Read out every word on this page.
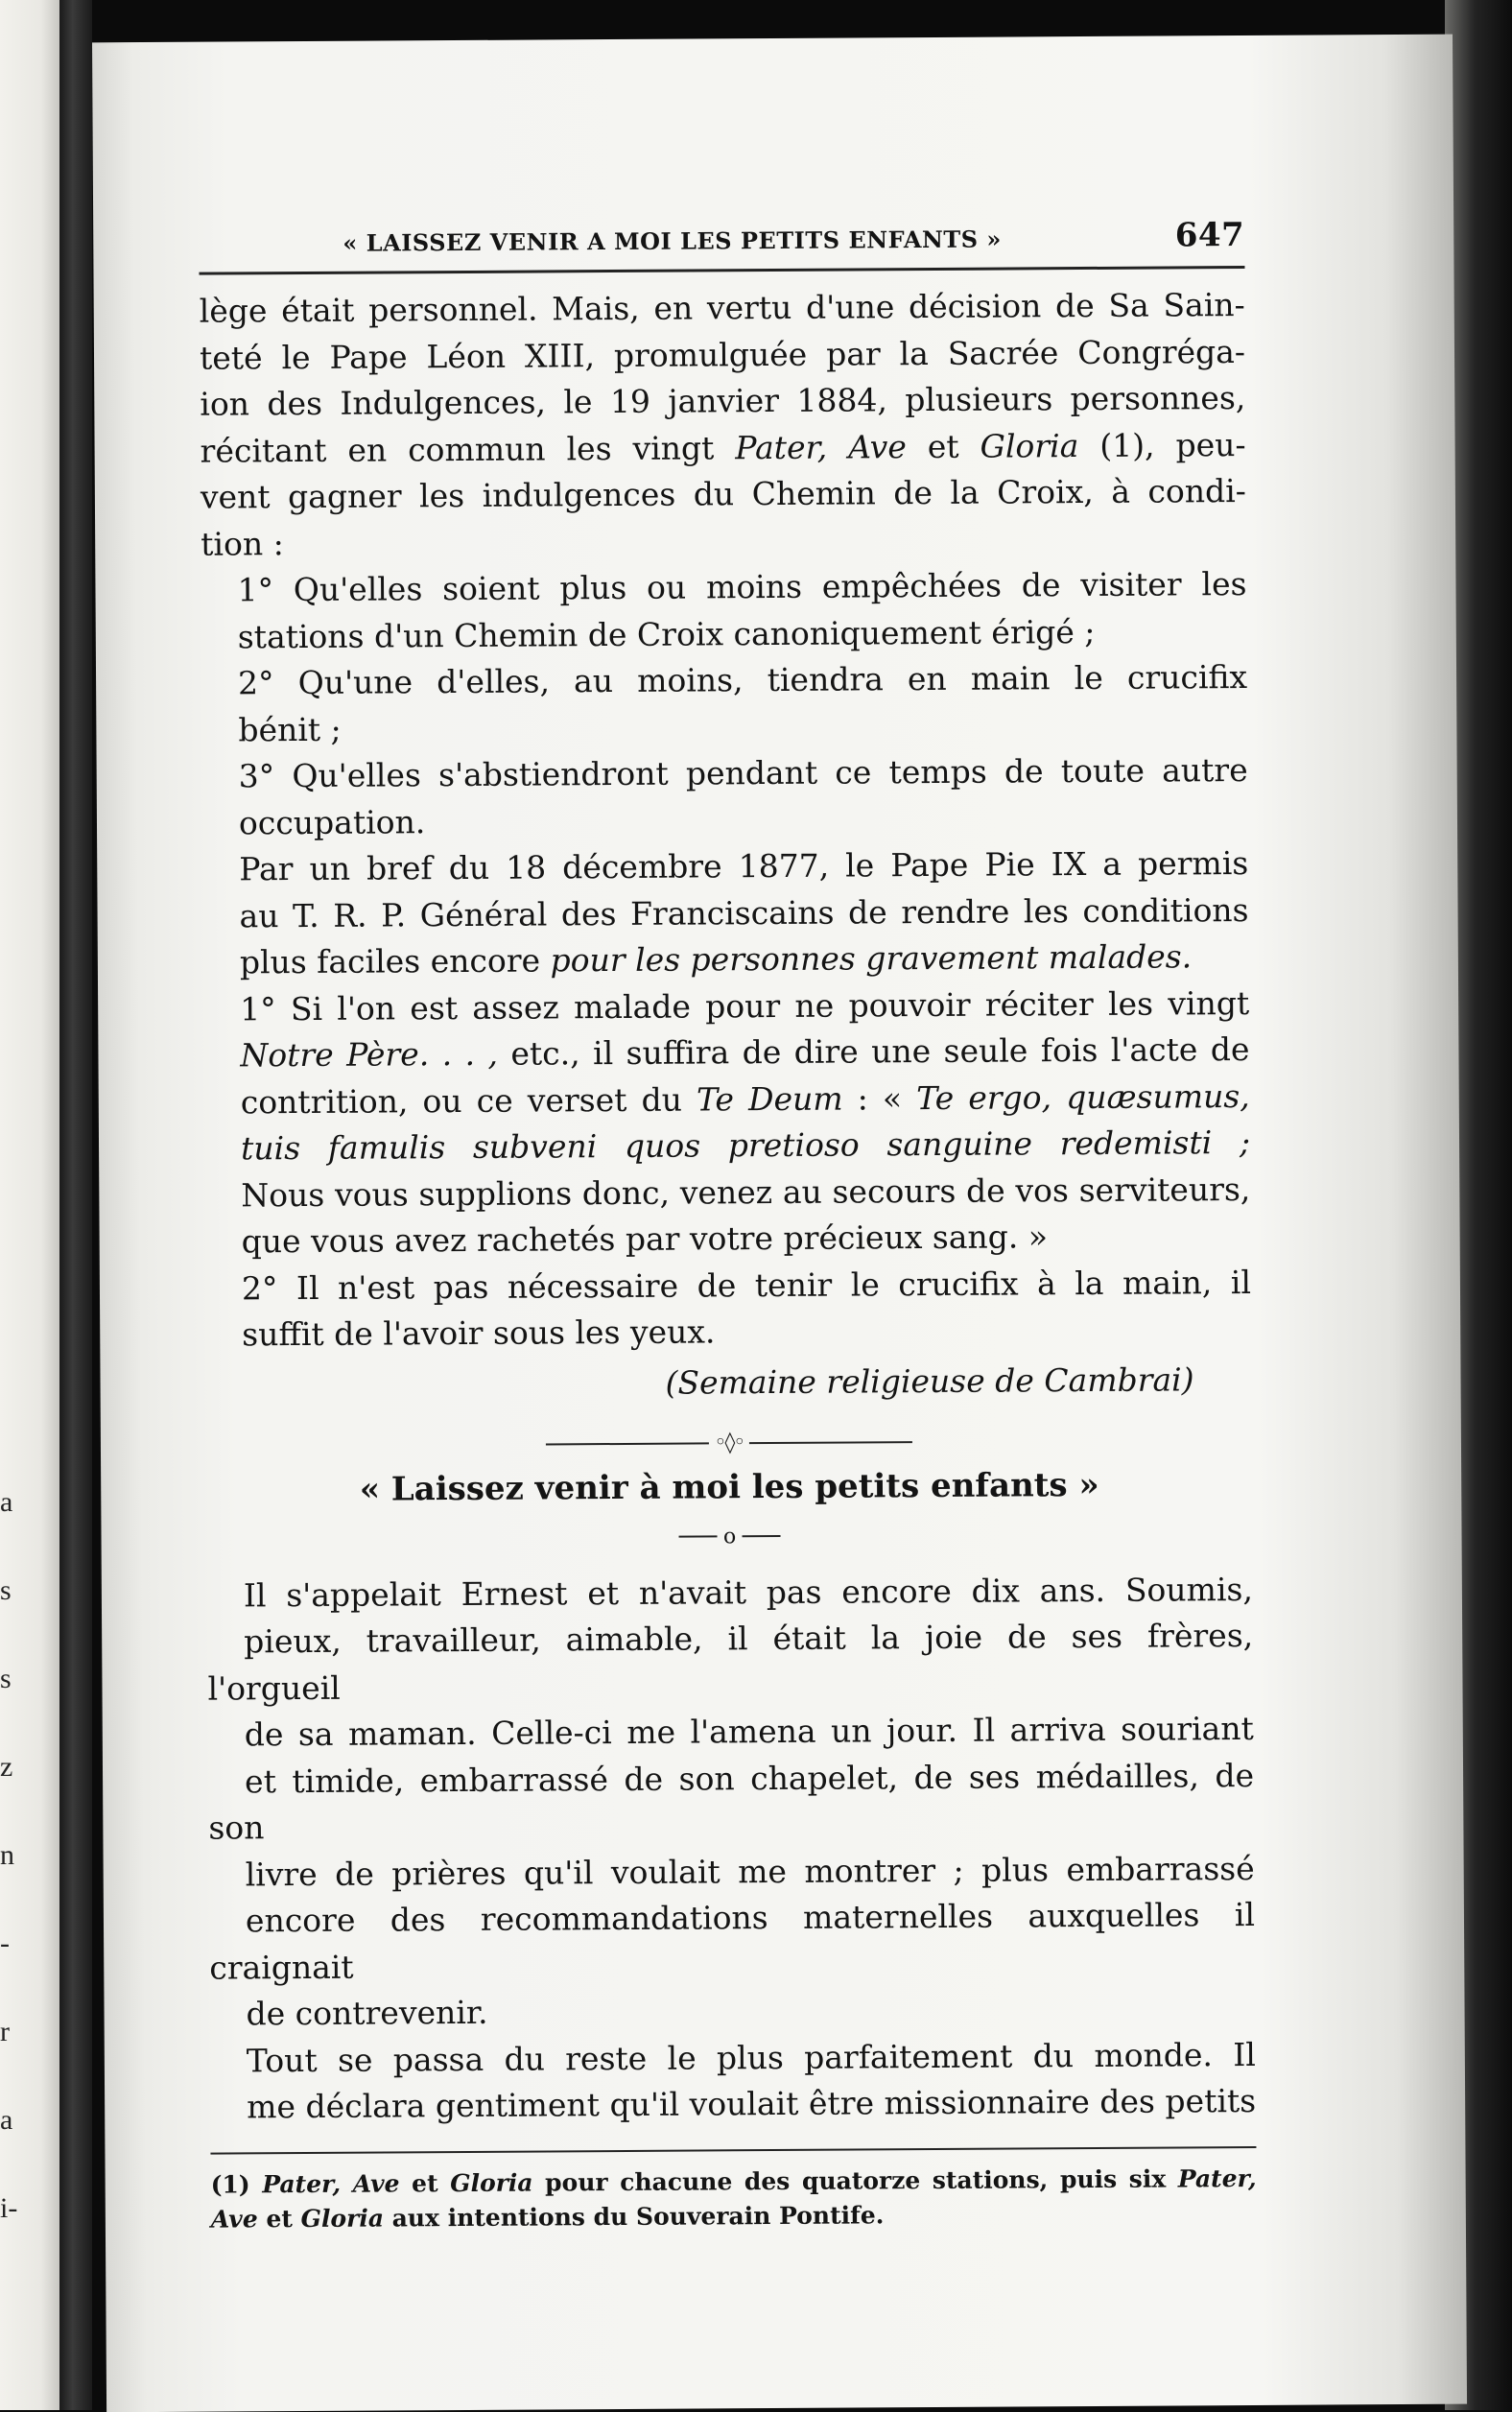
a
s
s
z
n
-
r
a
i-
« LAISSEZ VENIR A MOI LES PETITS ENFANTS »	647

lège était personnel. Mais, en vertu d'une décision de Sa Sain-
teté le Pape Léon XIII, promulguée par la Sacrée Congréga-
ion des Indulgences, le 19 janvier 1884, plusieurs personnes,
récitant en commun les vingt Pater, Ave et Gloria (1), peu-
vent gagner les indulgences du Chemin de la Croix, à condi-
tion :

1° Qu'elles soient plus ou moins empêchées de visiter les
stations d'un Chemin de Croix canoniquement érigé ;

2° Qu'une d'elles, au moins, tiendra en main le crucifix
bénit ;

3° Qu'elles s'abstiendront pendant ce temps de toute autre
occupation.

Par un bref du 18 décembre 1877, le Pape Pie IX a permis
au T. R. P. Général des Franciscains de rendre les conditions
plus faciles encore pour les personnes gravement malades.

1° Si l'on est assez malade pour ne pouvoir réciter les vingt
Notre Père. . . , etc., il suffira de dire une seule fois l'acte de
contrition, ou ce verset du Te Deum : « Te ergo, quæsumus,
tuis famulis subveni quos pretioso sanguine redemisti ;
Nous vous supplions donc, venez au secours de vos serviteurs,
que vous avez rachetés par votre précieux sang. »

2° Il n'est pas nécessaire de tenir le crucifix à la main, il
suffit de l'avoir sous les yeux.

(Semaine religieuse de Cambrai)
◦◊◦
« Laissez venir à moi les petits enfants »
o

Il s'appelait Ernest et n'avait pas encore dix ans. Soumis,
pieux, travailleur, aimable, il était la joie de ses frères, l'orgueil
de sa maman. Celle-ci me l'amena un jour. Il arriva souriant
et timide, embarrassé de son chapelet, de ses médailles, de son
livre de prières qu'il voulait me montrer ; plus embarrassé
encore des recommandations maternelles auxquelles il craignait
de contrevenir.

Tout se passa du reste le plus parfaitement du monde. Il
me déclara gentiment qu'il voulait être missionnaire des petits

(1) Pater, Ave et Gloria pour chacune des quatorze stations, puis six Pater,
Ave et Gloria aux intentions du Souverain Pontife.
